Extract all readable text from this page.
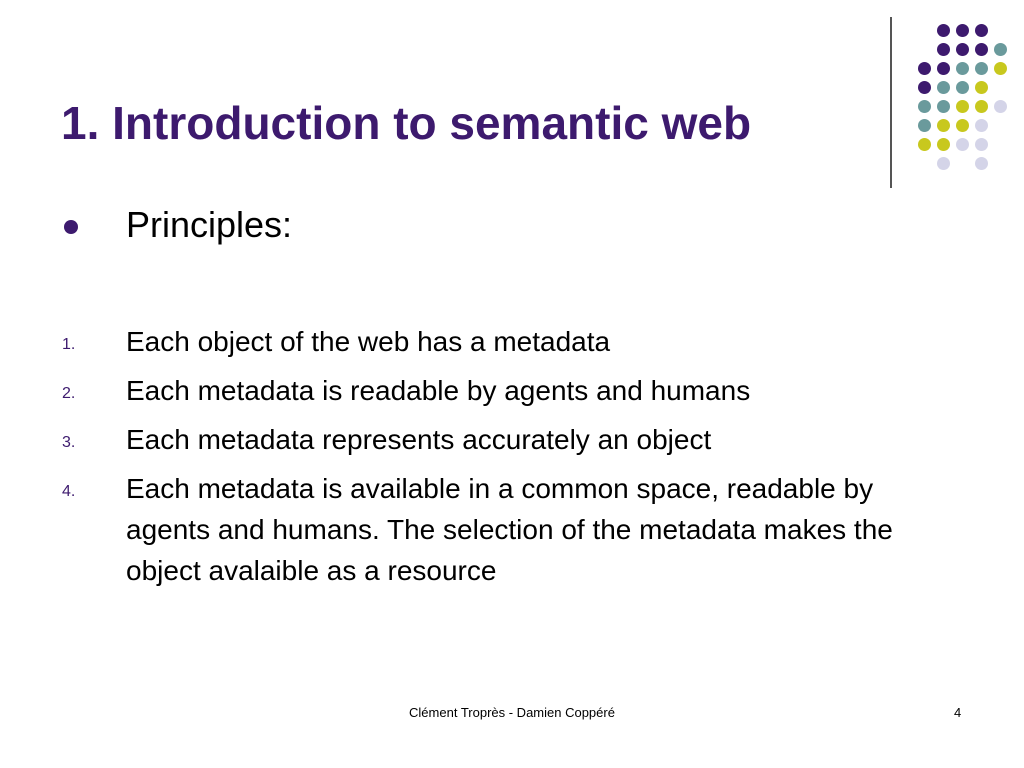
1. Introduction to semantic web
Principles:
1. Each object of the web has a metadata
2. Each metadata is readable by agents and humans
3. Each metadata represents accurately an object
4. Each metadata is available in a common space, readable by agents and humans. The selection of the metadata makes the object avalaible as a resource
Clément Troprès - Damien Coppéré	4
